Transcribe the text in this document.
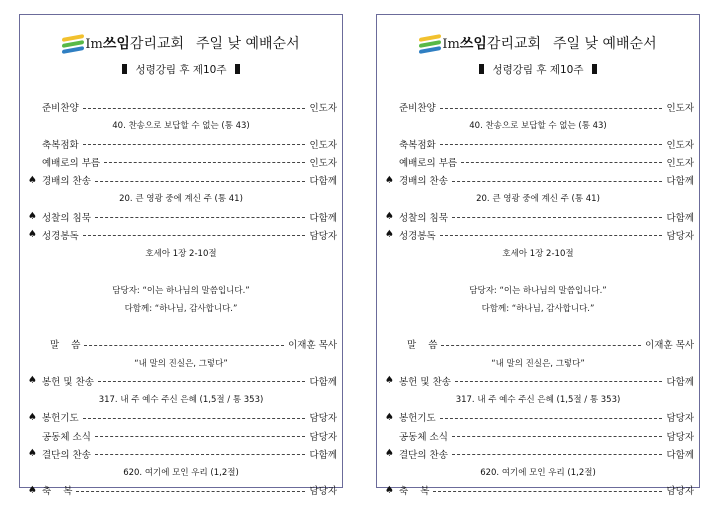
Im쓰임감리교회 주일 낮 예배순서
성령강림 후 제10주
준비찬양	인도자
40. 찬송으로 보답할 수 없는 (통 43)
축복점화	인도자
예배로의 부름	인도자
♠ 경배의 찬송	다함께
20. 큰 영광 중에 계신 주 (통 41)
♠ 성찰의 침묵	다함께
♠ 성경봉독	담당자
호세아 1장 2-10절
담당자: “이는 하나님의 말씀입니다.”
다함께: “하나님, 감사합니다.”
말    씀	이재훈 목사
“내 말의 진실은, 그렇다”
♠ 봉헌 및 찬송	다함께
317. 내 주 예수 주신 은혜 (1,5절 / 통 353)
♠ 봉헌기도	담당자
공동체 소식	담당자
♠ 결단의 찬송	다함께
620. 여기에 모인 우리 (1,2절)
♠ 축    복	담당자
Im쓰임감리교회 주일 낮 예배순서
성령강림 후 제10주
준비찬양	인도자
40. 찬송으로 보답할 수 없는 (통 43)
축복점화	인도자
예배로의 부름	인도자
♠ 경배의 찬송	다함께
20. 큰 영광 중에 계신 주 (통 41)
♠ 성찰의 침묵	다함께
♠ 성경봉독	담당자
호세아 1장 2-10절
담당자: “이는 하나님의 말씀입니다.”
다함께: “하나님, 감사합니다.”
말    씀	이재훈 목사
“내 말의 진실은, 그렇다”
♠ 봉헌 및 찬송	다함께
317. 내 주 예수 주신 은혜 (1,5절 / 통 353)
♠ 봉헌기도	담당자
공동체 소식	담당자
♠ 결단의 찬송	다함께
620. 여기에 모인 우리 (1,2절)
♠ 축    복	담당자
